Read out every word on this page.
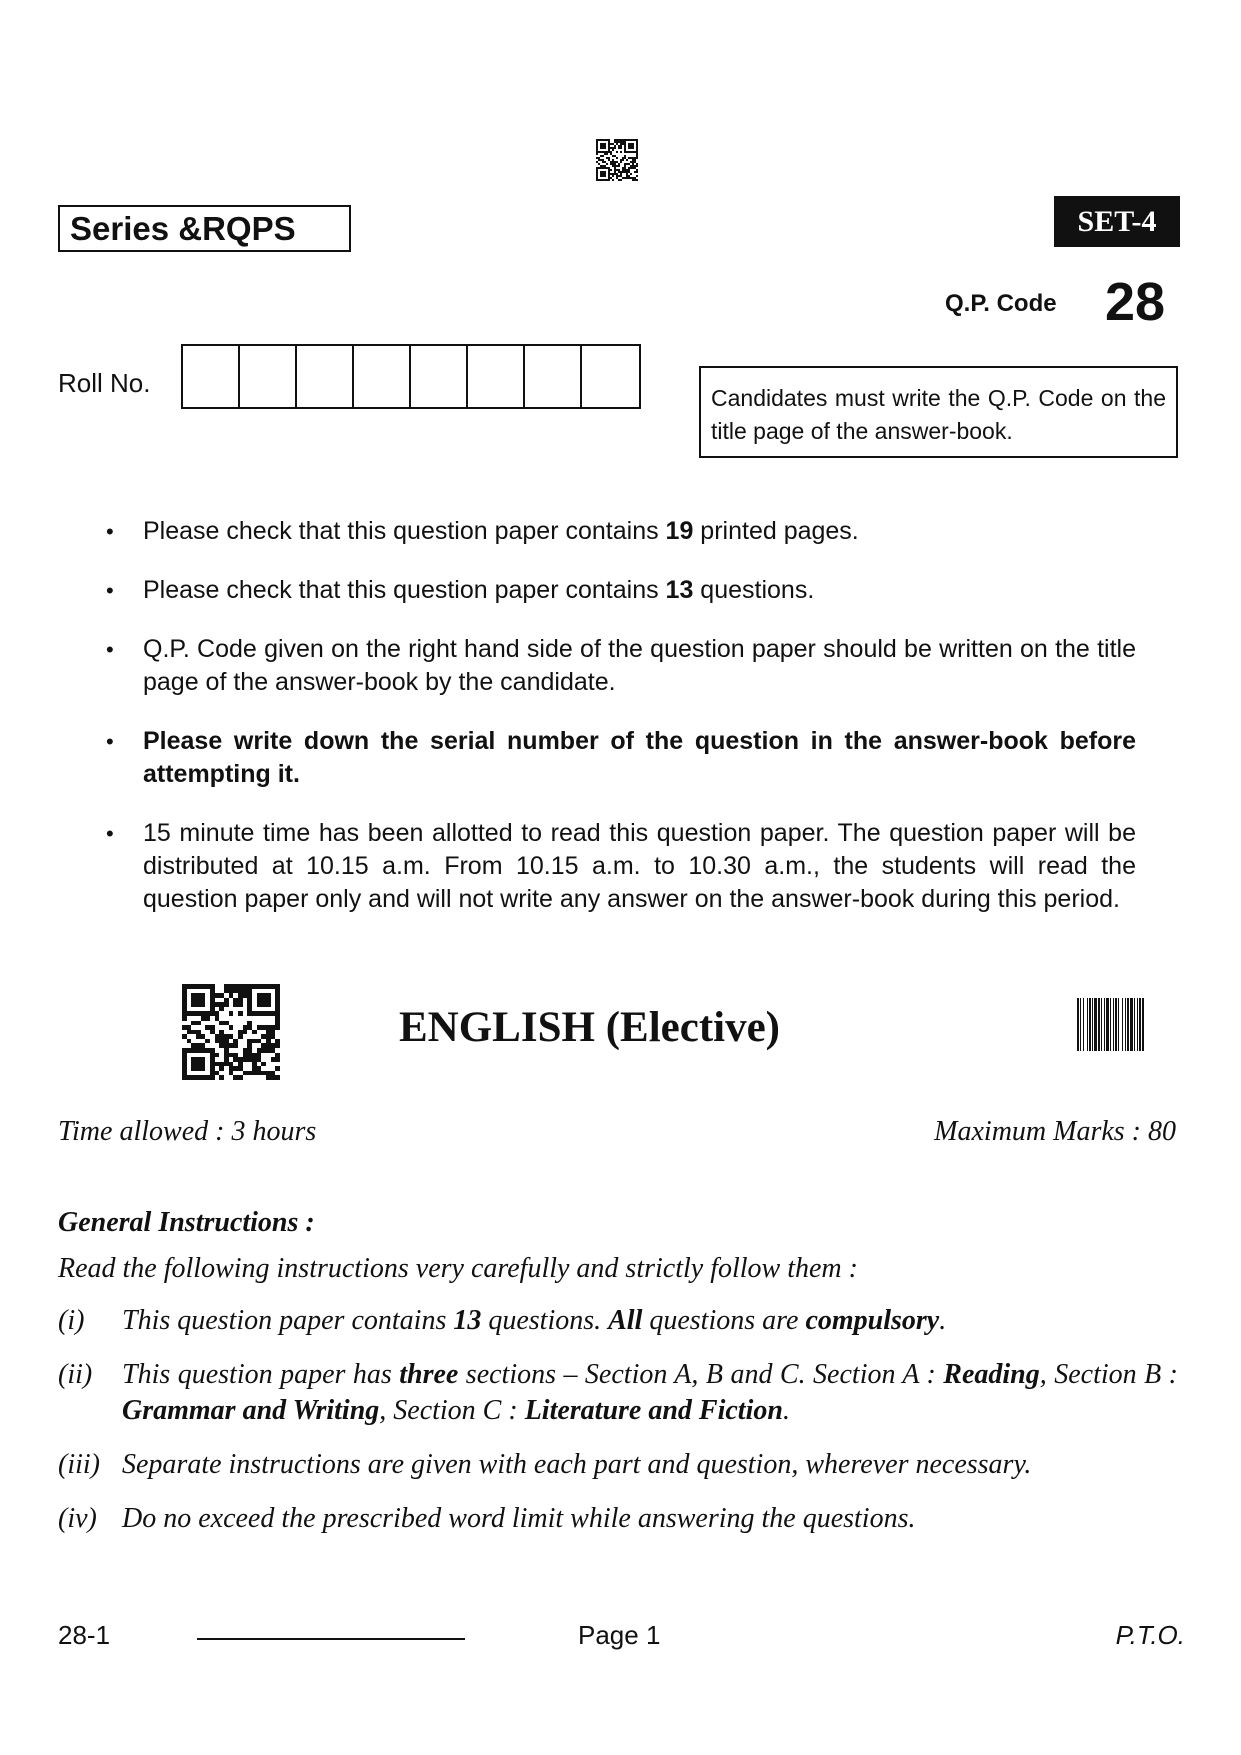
Series &RQPS	SET-4
Q.P. Code 28
Roll No.	Candidates must write the Q.P. Code on the title page of the answer-book.
•	Please check that this question paper contains 19 printed pages.
•	Please check that this question paper contains 13 questions.
•	Q.P. Code given on the right hand side of the question paper should be written on the title page of the answer-book by the candidate.
•	Please write down the serial number of the question in the answer-book before attempting it.
•	15 minute time has been allotted to read this question paper. The question paper will be distributed at 10.15 a.m. From 10.15 a.m. to 10.30 a.m., the students will read the question paper only and will not write any answer on the answer-book during this period.
ENGLISH (Elective)
Time allowed : 3 hours	Maximum Marks : 80
General Instructions :
Read the following instructions very carefully and strictly follow them :
(i)	This question paper contains 13 questions. All questions are compulsory.
(ii)	This question paper has three sections – Section A, B and C. Section A : Reading, Section B : Grammar and Writing, Section C : Literature and Fiction.
(iii) Separate instructions are given with each part and question, wherever necessary.
(iv) Do no exceed the prescribed word limit while answering the questions.
28-1	Page 1	P.T.O.
